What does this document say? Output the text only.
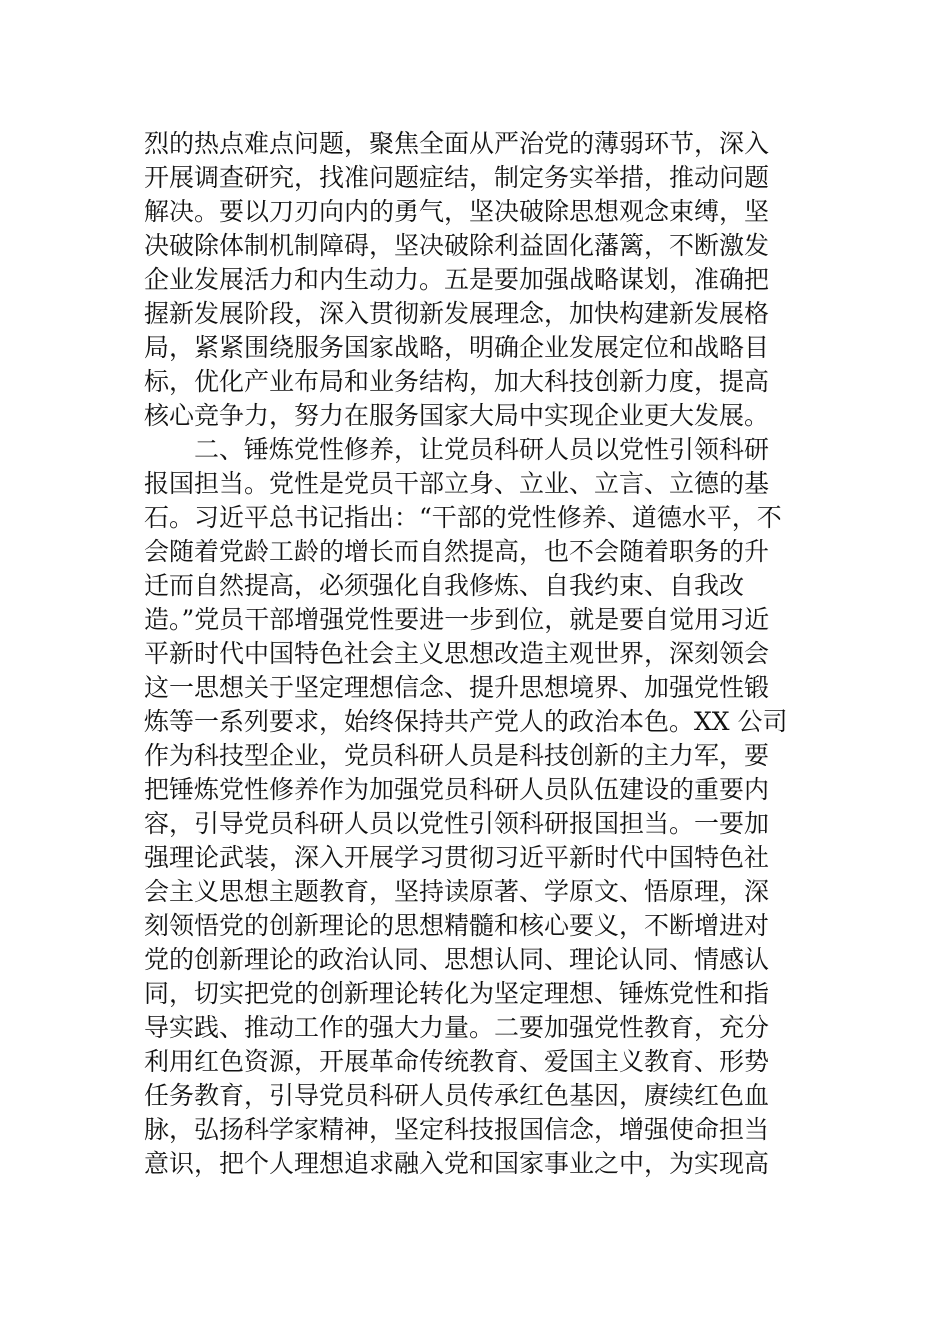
烈的热点难点问题，聚焦全面从严治党的薄弱环节，深入
开展调查研究，找准问题症结，制定务实举措，推动问题
解决。要以刀刃向内的勇气，坚决破除思想观念束缚，坚
决破除体制机制障碍，坚决破除利益固化藩篱，不断激发
企业发展活力和内生动力。五是要加强战略谋划，准确把
握新发展阶段，深入贯彻新发展理念，加快构建新发展格
局，紧紧围绕服务国家战略，明确企业发展定位和战略目
标，优化产业布局和业务结构，加大科技创新力度，提高
核心竞争力，努力在服务国家大局中实现企业更大发展。
二、锤炼党性修养，让党员科研人员以党性引领科研
报国担当。党性是党员干部立身、立业、立言、立德的基
石。习近平总书记指出：“干部的党性修养、道德水平，不
会随着党龄工龄的增长而自然提高，也不会随着职务的升
迁而自然提高，必须强化自我修炼、自我约束、自我改
造。”党员干部增强党性要进一步到位，就是要自觉用习近
平新时代中国特色社会主义思想改造主观世界，深刻领会
这一思想关于坚定理想信念、提升思想境界、加强党性锻
炼等一系列要求，始终保持共产党人的政治本色。XX 公司
作为科技型企业，党员科研人员是科技创新的主力军，要
把锤炼党性修养作为加强党员科研人员队伍建设的重要内
容，引导党员科研人员以党性引领科研报国担当。一要加
强理论武装，深入开展学习贯彻习近平新时代中国特色社
会主义思想主题教育，坚持读原著、学原文、悟原理，深
刻领悟党的创新理论的思想精髓和核心要义，不断增进对
党的创新理论的政治认同、思想认同、理论认同、情感认
同，切实把党的创新理论转化为坚定理想、锤炼党性和指
导实践、推动工作的强大力量。二要加强党性教育，充分
利用红色资源，开展革命传统教育、爱国主义教育、形势
任务教育，引导党员科研人员传承红色基因，赓续红色血
脉，弘扬科学家精神，坚定科技报国信念，增强使命担当
意识，把个人理想追求融入党和国家事业之中，为实现高
